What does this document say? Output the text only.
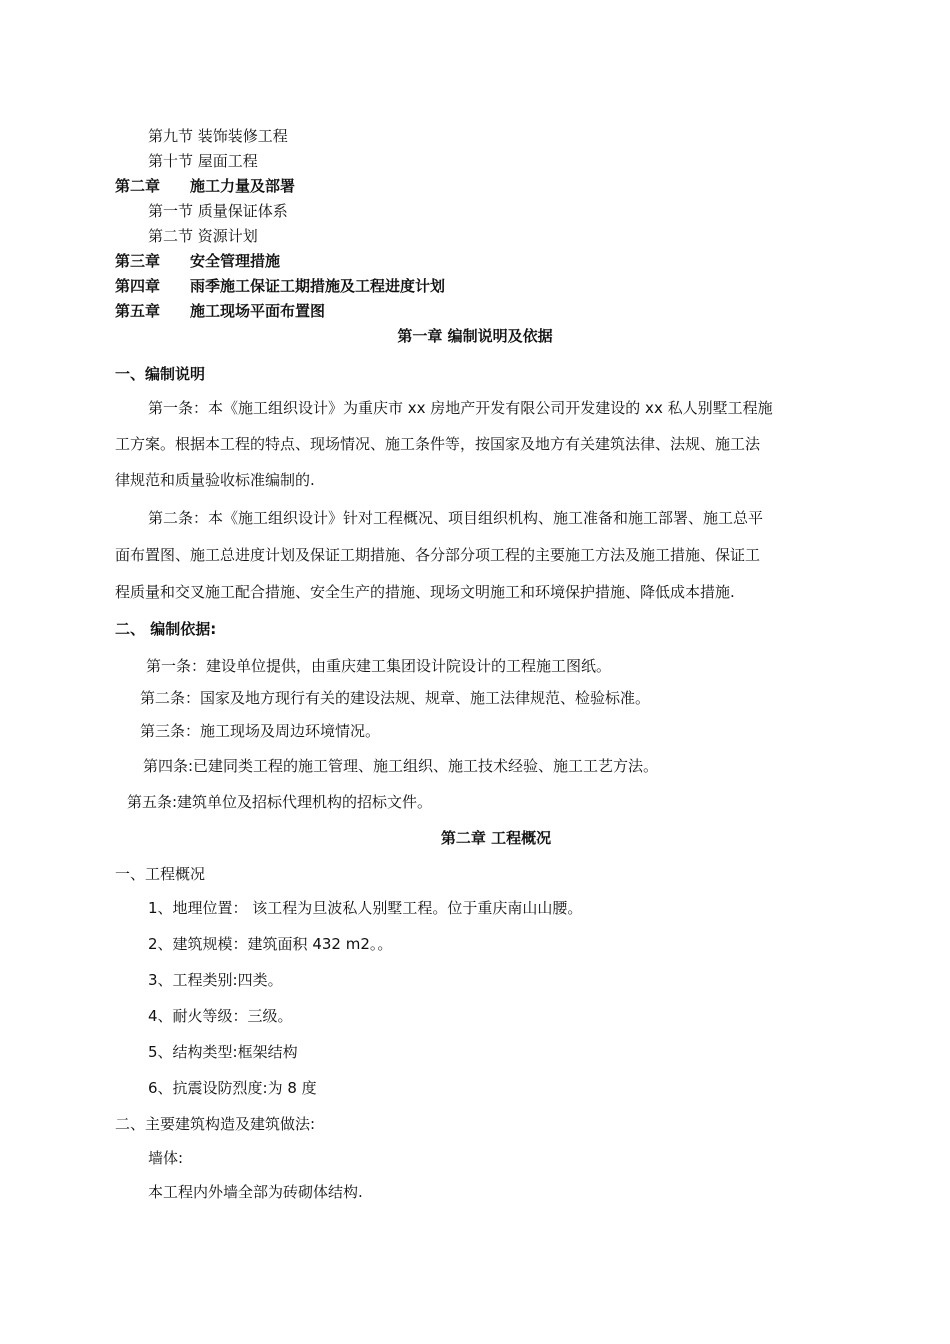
第九节 装饰装修工程
第十节 屋面工程
第二章 施工力量及部署
第一节 质量保证体系
第二节 资源计划
第三章 安全管理措施
第四章 雨季施工保证工期措施及工程进度计划
第五章 施工现场平面布置图
第一章 编制说明及依据
一、编制说明
第一条：本《施工组织设计》为重庆市 xx 房地产开发有限公司开发建设的 xx 私人别墅工程施
工方案。根据本工程的特点、现场情况、施工条件等，按国家及地方有关建筑法律、法规、施工法
律规范和质量验收标准编制的.
第二条：本《施工组织设计》针对工程概况、项目组织机构、施工准备和施工部署、施工总平
面布置图、施工总进度计划及保证工期措施、各分部分项工程的主要施工方法及施工措施、保证工
程质量和交叉施工配合措施、安全生产的措施、现场文明施工和环境保护措施、降低成本措施.
二、 编制依据:
第一条：建设单位提供，由重庆建工集团设计院设计的工程施工图纸。
第二条：国家及地方现行有关的建设法规、规章、施工法律规范、检验标准。
第三条：施工现场及周边环境情况。
第四条:已建同类工程的施工管理、施工组织、施工技术经验、施工工艺方法。
第五条:建筑单位及招标代理机构的招标文件。
第二章 工程概况
一、工程概况
1、地理位置： 该工程为旦波私人别墅工程。位于重庆南山山腰。
2、建筑规模：建筑面积 432 m2。。
3、工程类别:四类。
4、耐火等级：三级。
5、结构类型:框架结构
6、抗震设防烈度:为 8 度
二、主要建筑构造及建筑做法:
墙体:
本工程内外墙全部为砖砌体结构.
